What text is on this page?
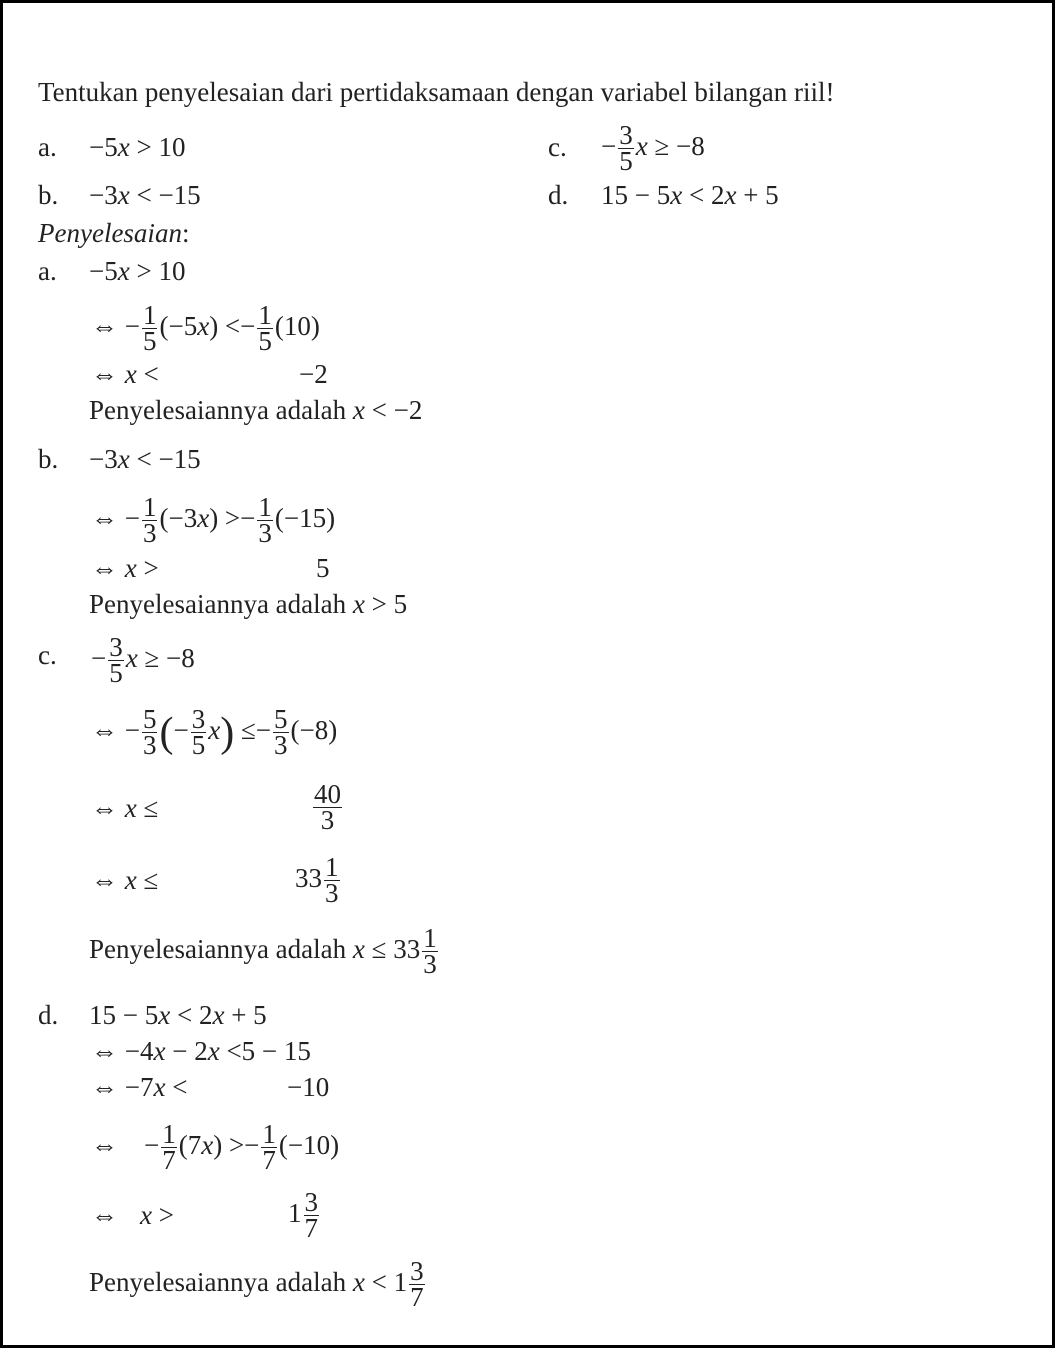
Tentukan penyelesaian dari pertidaksamaan dengan variabel bilangan riil!
a. −5x > 10
b. −3x < −15
c. − $\frac{3}{5}$ x ≥ −8
d. 15 − 5x < 2x + 5
Penyelesaian:
a. −5x > 10
⇔ − $\frac{1}{5} (-5x) <- \frac{1}{5} (10)$
⇔ x <	−2
Penyelesaiannya adalah x < −2
b. −3x < −15
⇔ − $\frac{1}{3} (-3x) >- \frac{1}{3} (-15)$
⇔ x >	5
Penyelesaiannya adalah x > 5
c. − $\frac{3}{5}$ x ≥ −8
⇔ − $\frac{5}{3}$ (− $\frac{3}{5} x) \le- \frac{5}{3} (-8)$
⇔ x ≤	$\frac{40}{3}$
⇔ x ≤	$33 \frac{1}{3}$
Penyelesaiannya adalah $x \le 33 \frac{1}{3}$
d. 15 − 5x < 2x + 5
⇔ −4x − 2x <5 − 15
⇔ −7x <	−10
⇔ − $\frac{1}{7} (7x) >- \frac{1}{7} (-10)$
⇔ x >	$1 \frac{3}{7}$
Penyelesaiannya adalah $x < 1 \frac{3}{7}$
